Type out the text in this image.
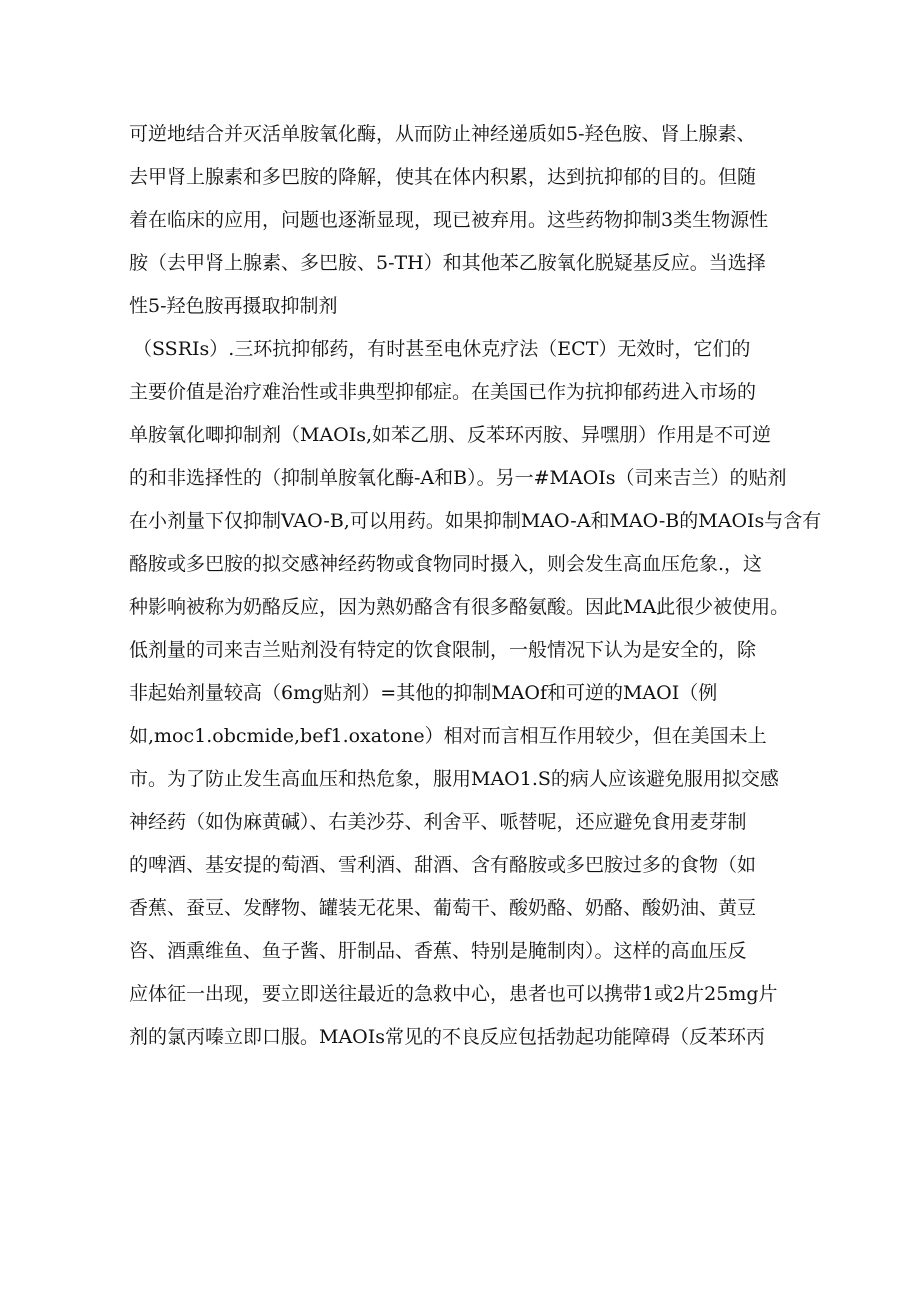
可逆地结合并灭活单胺氧化酶，从而防止神经递质如5-羟色胺、肾上腺素、
去甲肾上腺素和多巴胺的降解，使其在体内积累，达到抗抑郁的目的。但随
着在临床的应用，问题也逐渐显现，现已被弃用。这些药物抑制3类生物源性
胺（去甲肾上腺素、多巴胺、5-TH）和其他苯乙胺氧化脱疑基反应。当选择
性5-羟色胺再摄取抑制剂
（SSRIs）.三环抗抑郁药，有时甚至电休克疗法（ECT）无效时，它们的
主要价值是治疗难治性或非典型抑郁症。在美国已作为抗抑郁药进入市场的
单胺氧化唧抑制剂（MAOIs,如苯乙朋、反苯环丙胺、异嘿朋）作用是不可逆
的和非选择性的（抑制单胺氧化酶-A和B）。另一#MAOIs（司来吉兰）的贴剂
在小剂量下仅抑制VAO-B,可以用药。如果抑制MAO-A和MAO-B的MAOIs与含有
酪胺或多巴胺的拟交感神经药物或食物同时摄入，则会发生高血压危象.，这
种影响被称为奶酪反应，因为熟奶酪含有很多酪氨酸。因此MA此很少被使用。
低剂量的司来吉兰贴剂没有特定的饮食限制，一般情况下认为是安全的，除
非起始剂量较高（6mg贴剂）=其他的抑制MAOf和可逆的MAOI（例
如,moc1.obcmide,bef1.oxatone）相对而言相互作用较少，但在美国未上
市。为了防止发生高血压和热危象，服用MAO1.S的病人应该避免服用拟交感
神经药（如伪麻黄碱）、右美沙芬、利舍平、哌替呢，还应避免食用麦芽制
的啤酒、基安提的萄酒、雪利酒、甜酒、含有酪胺或多巴胺过多的食物（如
香蕉、蚕豆、发酵物、罐装无花果、葡萄干、酸奶酪、奶酪、酸奶油、黄豆
咨、酒熏维鱼、鱼子酱、肝制品、香蕉、特别是腌制肉）。这样的高血压反
应体征一出现，要立即送往最近的急救中心，患者也可以携带1或2片25mg片
剂的氯丙嗪立即口服。MAOIs常见的不良反应包括勃起功能障碍（反苯环丙
